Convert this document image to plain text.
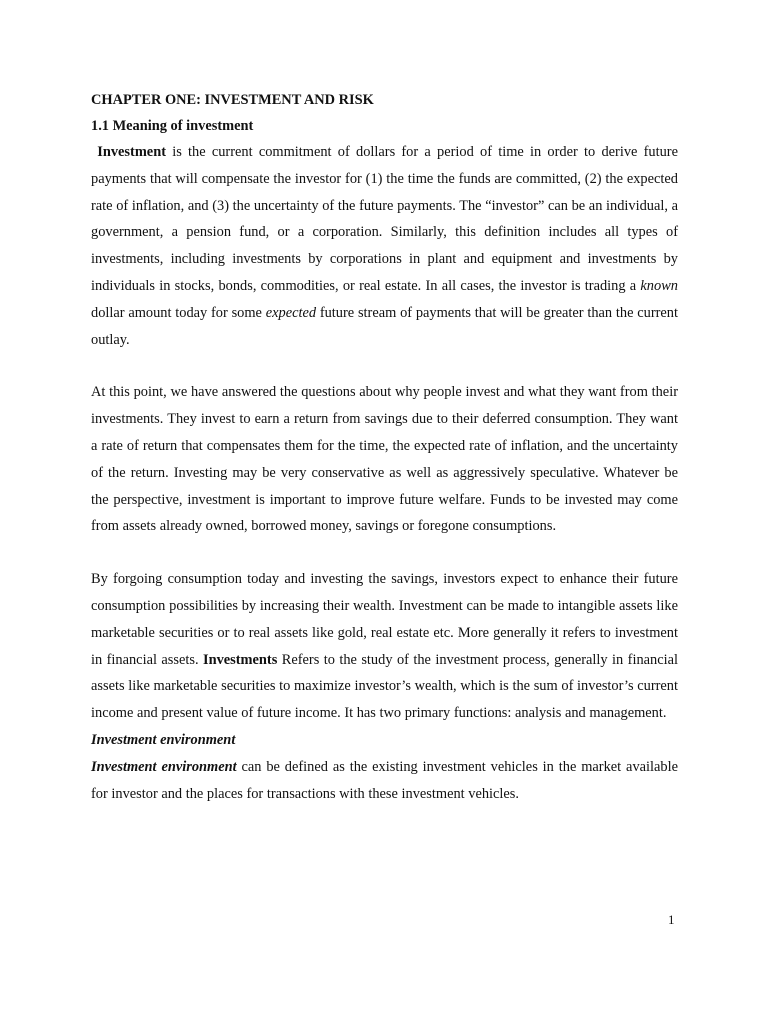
CHAPTER ONE: INVESTMENT AND RISK

1.1 Meaning of investment

Investment is the current commitment of dollars for a period of time in order to derive future payments that will compensate the investor for (1) the time the funds are committed, (2) the expected rate of inflation, and (3) the uncertainty of the future payments. The “investor” can be an individual, a government, a pension fund, or a corporation. Similarly, this definition includes all types of investments, including investments by corporations in plant and equipment and investments by individuals in stocks, bonds, commodities, or real estate. In all cases, the investor is trading a known dollar amount today for some expected future stream of payments that will be greater than the current outlay.

At this point, we have answered the questions about why people invest and what they want from their investments. They invest to earn a return from savings due to their deferred consumption. They want a rate of return that compensates them for the time, the expected rate of inflation, and the uncertainty of the return. Investing may be very conservative as well as aggressively speculative. Whatever be the perspective, investment is important to improve future welfare. Funds to be invested may come from assets already owned, borrowed money, savings or foregone consumptions.

By forgoing consumption today and investing the savings, investors expect to enhance their future consumption possibilities by increasing their wealth. Investment can be made to intangible assets like marketable securities or to real assets like gold, real estate etc. More generally it refers to investment in financial assets. Investments Refers to the study of the investment process, generally in financial assets like marketable securities to maximize investor’s wealth, which is the sum of investor’s current income and present value of future income. It has two primary functions: analysis and management.

Investment environment

Investment environment can be defined as the existing investment vehicles in the market available for investor and the places for transactions with these investment vehicles.

1
